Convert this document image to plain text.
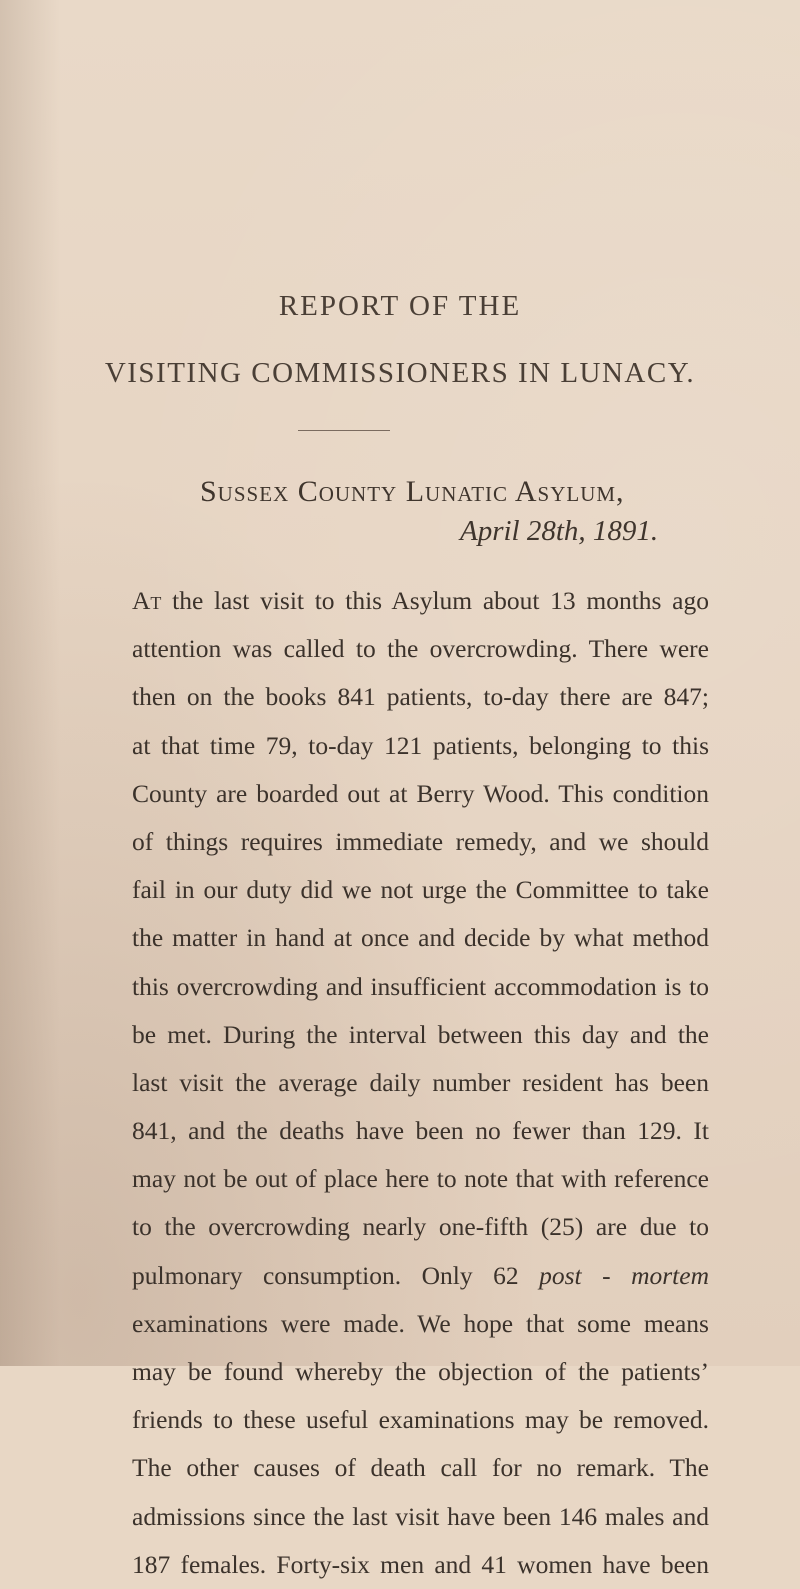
REPORT OF THE
VISITING COMMISSIONERS IN LUNACY.
Sussex County Lunatic Asylum,
April 28th, 1891.
At the last visit to this Asylum about 13 months ago
attention was called to the overcrowding. There were
then on the books 841 patients, to-day there are 847;
at that time 79, to-day 121 patients, belonging to this
County are boarded out at Berry Wood. This condition
of things requires immediate remedy, and we should
fail in our duty did we not urge the Committee to take
the matter in hand at once and decide by what method
this overcrowding and insufficient accommodation is to
be met. During the interval between this day and the
last visit the average daily number resident has been
841, and the deaths have been no fewer than 129. It
may not be out of place here to note that with reference
to the overcrowding nearly one-fifth (25) are due to
pulmonary consumption. Only 62 post - mortem
examinations were made. We hope that some means
may be found whereby the objection of the patients’
friends to these useful examinations may be removed.
The other causes of death call for no remark. The
admissions since the last visit have been 146 males and
187 females. Forty-six men and 41 women have been
